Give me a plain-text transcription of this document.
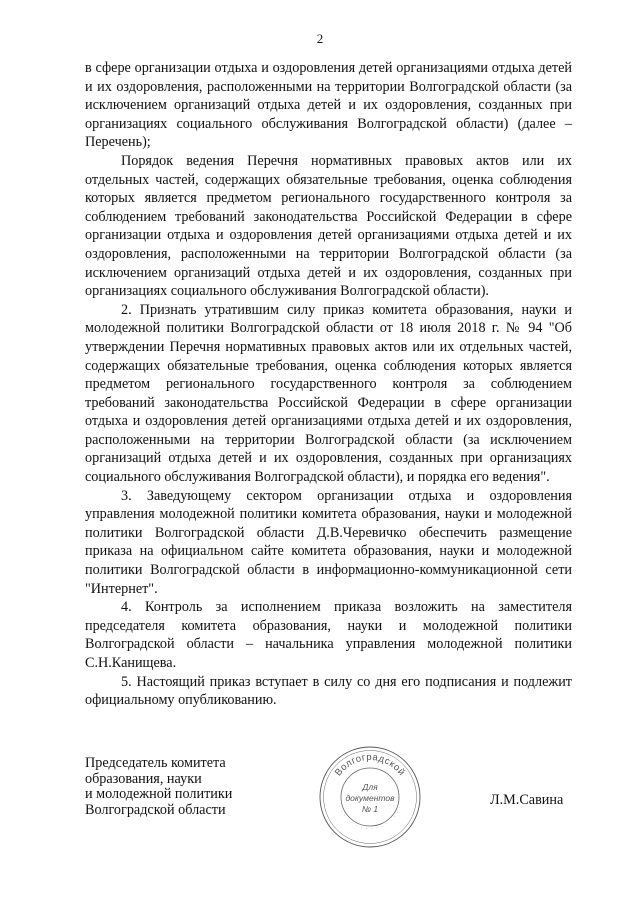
2

в сфере организации отдыха и оздоровления детей организациями отдыха детей и их оздоровления, расположенными на территории Волгоградской области (за исключением организаций отдыха детей и их оздоровления, созданных при организациях социального обслуживания Волгоградской области) (далее – Перечень);

Порядок ведения Перечня нормативных правовых актов или их отдельных частей, содержащих обязательные требования, оценка соблюдения которых является предметом регионального государственного контроля за соблюдением требований законодательства Российской Федерации в сфере организации отдыха и оздоровления детей организациями отдыха детей и их оздоровления, расположенными на территории Волгоградской области (за исключением организаций отдыха детей и их оздоровления, созданных при организациях социального обслуживания Волгоградской области).

2. Признать утратившим силу приказ комитета образования, науки и молодежной политики Волгоградской области от 18 июля 2018 г. № 94 "Об утверждении Перечня нормативных правовых актов или их отдельных частей, содержащих обязательные требования, оценка соблюдения которых является предметом регионального государственного контроля за соблюдением требований законодательства Российской Федерации в сфере организации отдыха и оздоровления детей организациями отдыха детей и их оздоровления, расположенными на территории Волгоградской области (за исключением организаций отдыха детей и их оздоровления, созданных при организациях социального обслуживания Волгоградской области), и порядка его ведения".

3. Заведующему сектором организации отдыха и оздоровления управления молодежной политики комитета образования, науки и молодежной политики Волгоградской области Д.В.Черевичко обеспечить размещение приказа на официальном сайте комитета образования, науки и молодежной политики Волгоградской области в информационно-коммуникационной сети "Интернет".

4. Контроль за исполнением приказа возложить на заместителя председателя комитета образования, науки и молодежной политики Волгоградской области – начальника управления молодежной политики С.Н.Канищева.

5. Настоящий приказ вступает в силу со дня его подписания и подлежит официальному опубликованию.

Председатель комитета
образования, науки
и молодежной политики
Волгоградской области
Волгоградской
· · · · · · · · · · · · · · · ·
Для
документов
№ 1
Л.М.Савина
